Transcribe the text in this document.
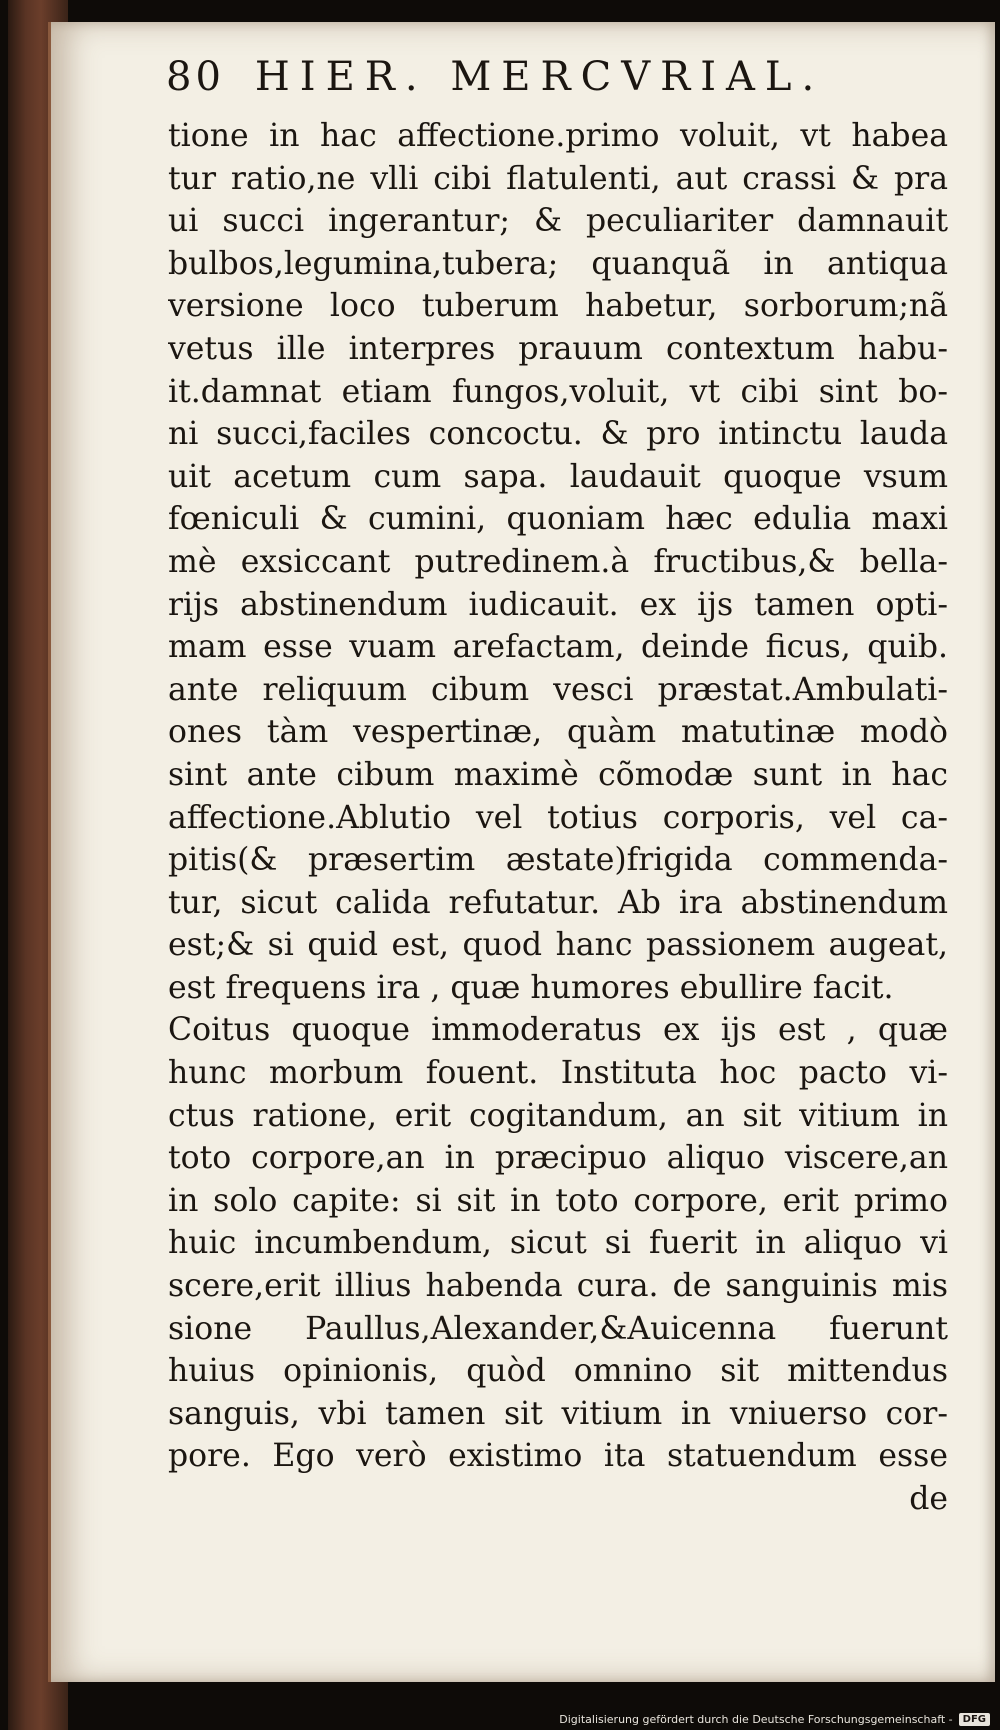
80 HIER. MERCVRIAL.
tione in hac affectione.primo voluit, vt habea
tur ratio,ne vlli cibi flatulenti, aut crassi & pra
ui succi ingerantur; & peculiariter damnauit
bulbos,legumina,tubera; quanquã in antiqua
versione loco tuberum habetur, sorborum;nã
vetus ille interpres prauum contextum habu-
it.damnat etiam fungos,voluit, vt cibi sint bo-
ni succi,faciles concoctu. & pro intinctu lauda
uit acetum cum sapa. laudauit quoque vsum
fœniculi & cumini, quoniam hæc edulia maxi
mè exsiccant putredinem.à fructibus,& bella-
rijs abstinendum iudicauit. ex ijs tamen opti-
mam esse vuam arefactam, deinde ficus, quib.
ante reliquum cibum vesci præstat.Ambulati-
ones tàm vespertinæ, quàm matutinæ modò
sint ante cibum maximè cõmodæ sunt in hac
affectione.Ablutio vel totius corporis, vel ca-
pitis(& præsertim æstate)frigida commenda-
tur, sicut calida refutatur. Ab ira abstinendum
est;& si quid est, quod hanc passionem augeat,
est frequens ira , quæ humores ebullire facit.
Coitus quoque immoderatus ex ijs est , quæ
hunc morbum fouent. Instituta hoc pacto vi-
ctus ratione, erit cogitandum, an sit vitium in
toto corpore,an in præcipuo aliquo viscere,an
in solo capite: si sit in toto corpore, erit primo
huic incumbendum, sicut si fuerit in aliquo vi
scere,erit illius habenda cura. de sanguinis mis
sione Paullus,Alexander,&Auicenna fuerunt
huius opinionis, quòd omnino sit mittendus
sanguis, vbi tamen sit vitium in vniuerso cor-
pore. Ego verò existimo ita statuendum esse
de
Digitalisierung gefördert durch die Deutsche Forschungsgemeinschaft -	DFG
